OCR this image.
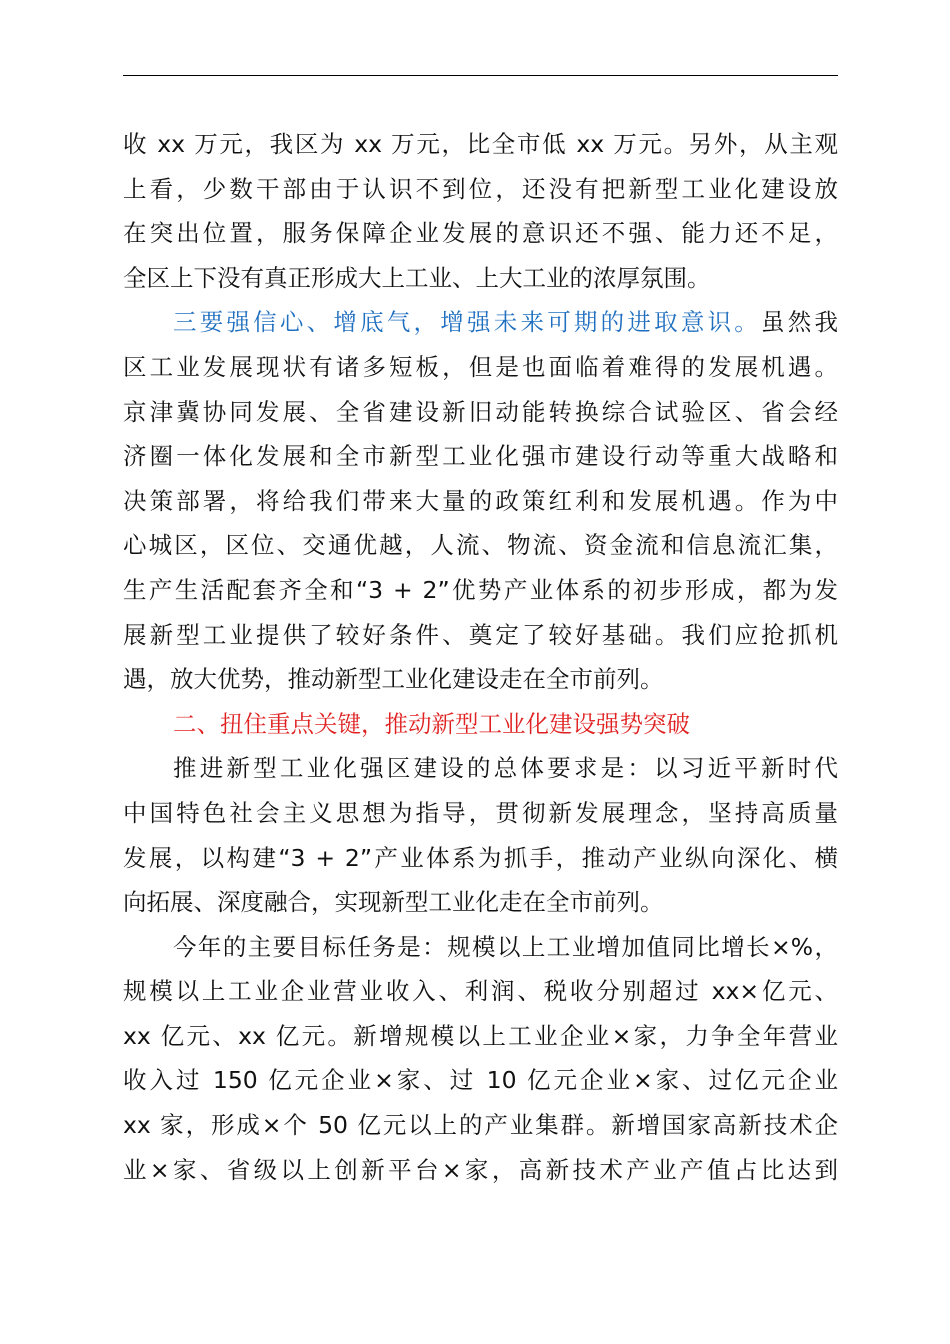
收 xx 万元，我区为 xx 万元，比全市低 xx 万元。另外，从主观
上看，少数干部由于认识不到位，还没有把新型工业化建设放
在突出位置，服务保障企业发展的意识还不强、能力还不足，
全区上下没有真正形成大上工业、上大工业的浓厚氛围。
三要强信心、增底气，增强未来可期的进取意识。虽然我
区工业发展现状有诸多短板，但是也面临着难得的发展机遇。
京津冀协同发展、全省建设新旧动能转换综合试验区、省会经
济圈一体化发展和全市新型工业化强市建设行动等重大战略和
决策部署，将给我们带来大量的政策红利和发展机遇。作为中
心城区，区位、交通优越，人流、物流、资金流和信息流汇集，
生产生活配套齐全和“3 + 2”优势产业体系的初步形成，都为发
展新型工业提供了较好条件、奠定了较好基础。我们应抢抓机
遇，放大优势，推动新型工业化建设走在全市前列。
二、扭住重点关键，推动新型工业化建设强势突破
推进新型工业化强区建设的总体要求是：以习近平新时代
中国特色社会主义思想为指导，贯彻新发展理念，坚持高质量
发展，以构建“3 + 2”产业体系为抓手，推动产业纵向深化、横
向拓展、深度融合，实现新型工业化走在全市前列。
今年的主要目标任务是：规模以上工业增加值同比增长×%，
规模以上工业企业营业收入、利润、税收分别超过 xx×亿元、
xx 亿元、xx 亿元。新增规模以上工业企业×家，力争全年营业
收入过 150 亿元企业×家、过 10 亿元企业×家、过亿元企业
xx 家，形成×个 50 亿元以上的产业集群。新增国家高新技术企
业×家、省级以上创新平台×家，高新技术产业产值占比达到
